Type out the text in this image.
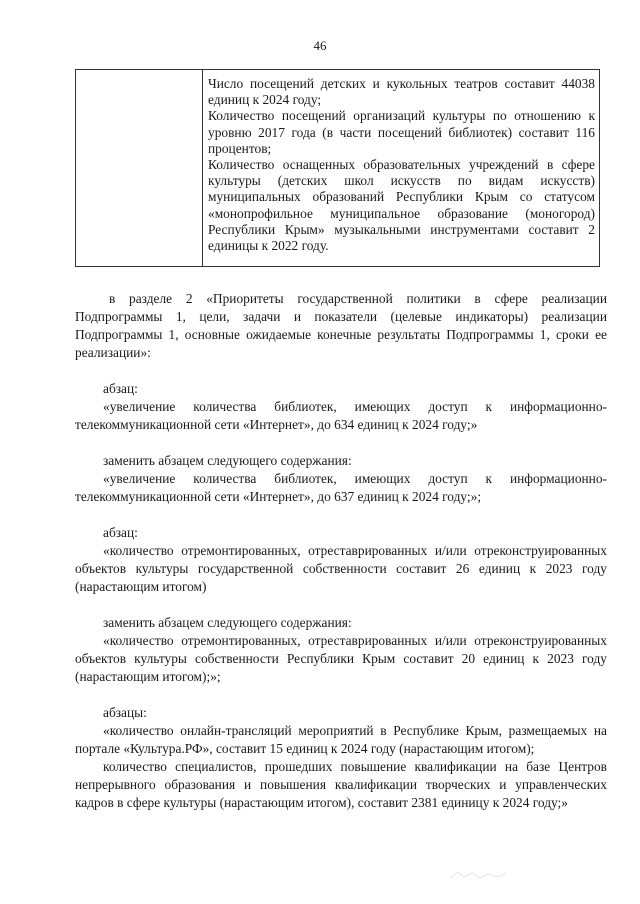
46

Число посещений детских и кукольных театров составит 44038 единиц к 2024 году;

Количество посещений организаций культуры по отношению к уровню 2017 года (в части посещений библиотек) составит 116 процентов;

Количество оснащенных образовательных учреждений в сфере культуры (детских школ искусств по видам искусств) муниципальных образований Республики Крым со статусом «монопрофильное муниципальное образование (моногород) Республики Крым» музыкальными инструментами составит 2 единицы к 2022 году.

в разделе 2 «Приоритеты государственной политики в сфере реализации Подпрограммы 1, цели, задачи и показатели (целевые индикаторы) реализации Подпрограммы 1, основные ожидаемые конечные результаты Подпрограммы 1, сроки ее реализации»:

абзац:

«увеличение количества библиотек, имеющих доступ к информационно-телекоммуникационной сети «Интернет», до 634 единиц к 2024 году;»

заменить абзацем следующего содержания:

«увеличение количества библиотек, имеющих доступ к информационно-телекоммуникационной сети «Интернет», до 637 единиц к 2024 году;»;

абзац:

«количество отремонтированных, отреставрированных и/или отреконструированных объектов культуры государственной собственности составит 26 единиц к 2023 году (нарастающим итогом)

заменить абзацем следующего содержания:

«количество отремонтированных, отреставрированных и/или отреконструированных объектов культуры собственности Республики Крым составит 20 единиц к 2023 году (нарастающим итогом);»;

абзацы:

«количество онлайн-трансляций мероприятий в Республике Крым, размещаемых на портале «Культура.РФ», составит 15 единиц к 2024 году (нарастающим итогом);

количество специалистов, прошедших повышение квалификации на базе Центров непрерывного образования и повышения квалификации творческих и управленческих кадров в сфере культуры (нарастающим итогом), составит 2381 единицу к 2024 году;»
